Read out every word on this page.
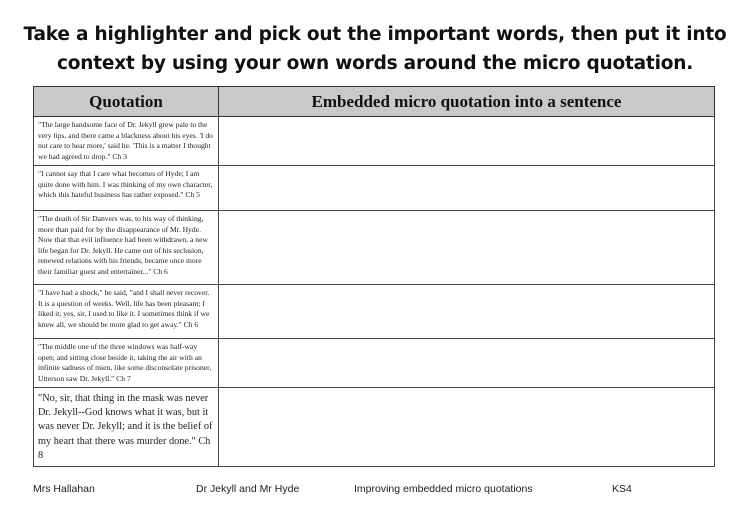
Take a highlighter and pick out the important words, then put it into
context by using your own words around the micro quotation.
Quotation	Embedded micro quotation into a sentence
"The large handsome face of Dr. Jekyll grew pale to the very lips, and there came a blackness about his eyes. 'I do not care to hear more,' said he. 'This is a matter I thought we had agreed to drop." Ch 3	
"I cannot say that I care what becomes of Hyde; I am quite done with him. I was thinking of my own character, which this hateful business has rather exposed." Ch 5	
"The death of Sir Danvers was, to his way of thinking, more than paid for by the disappearance of Mr. Hyde. Now that that evil influence had been withdrawn, a new life began for Dr. Jekyll. He came out of his seclusion, renewed relations with his friends, became once more their familiar guest and entertainer..." Ch 6	
"I have had a shock," he said, "and I shall never recover. It is a question of weeks. Well, life has been pleasant; I liked it; yes, sir, I used to like it. I sometimes think if we knew all, we should be more glad to get away." Ch 6	
"The middle one of the three windows was half-way open; and sitting close beside it, taking the air with an infinite sadness of mien, like some disconsolate prisoner, Utterson saw Dr. Jekyll." Ch 7	
"No, sir, that thing in the mask was never Dr. Jekyll--God knows what it was, but it was never Dr. Jekyll; and it is the belief of my heart that there was murder done." Ch 8	
Mrs Hallahan	Dr Jekyll and Mr Hyde	Improving embedded micro quotations	KS4
